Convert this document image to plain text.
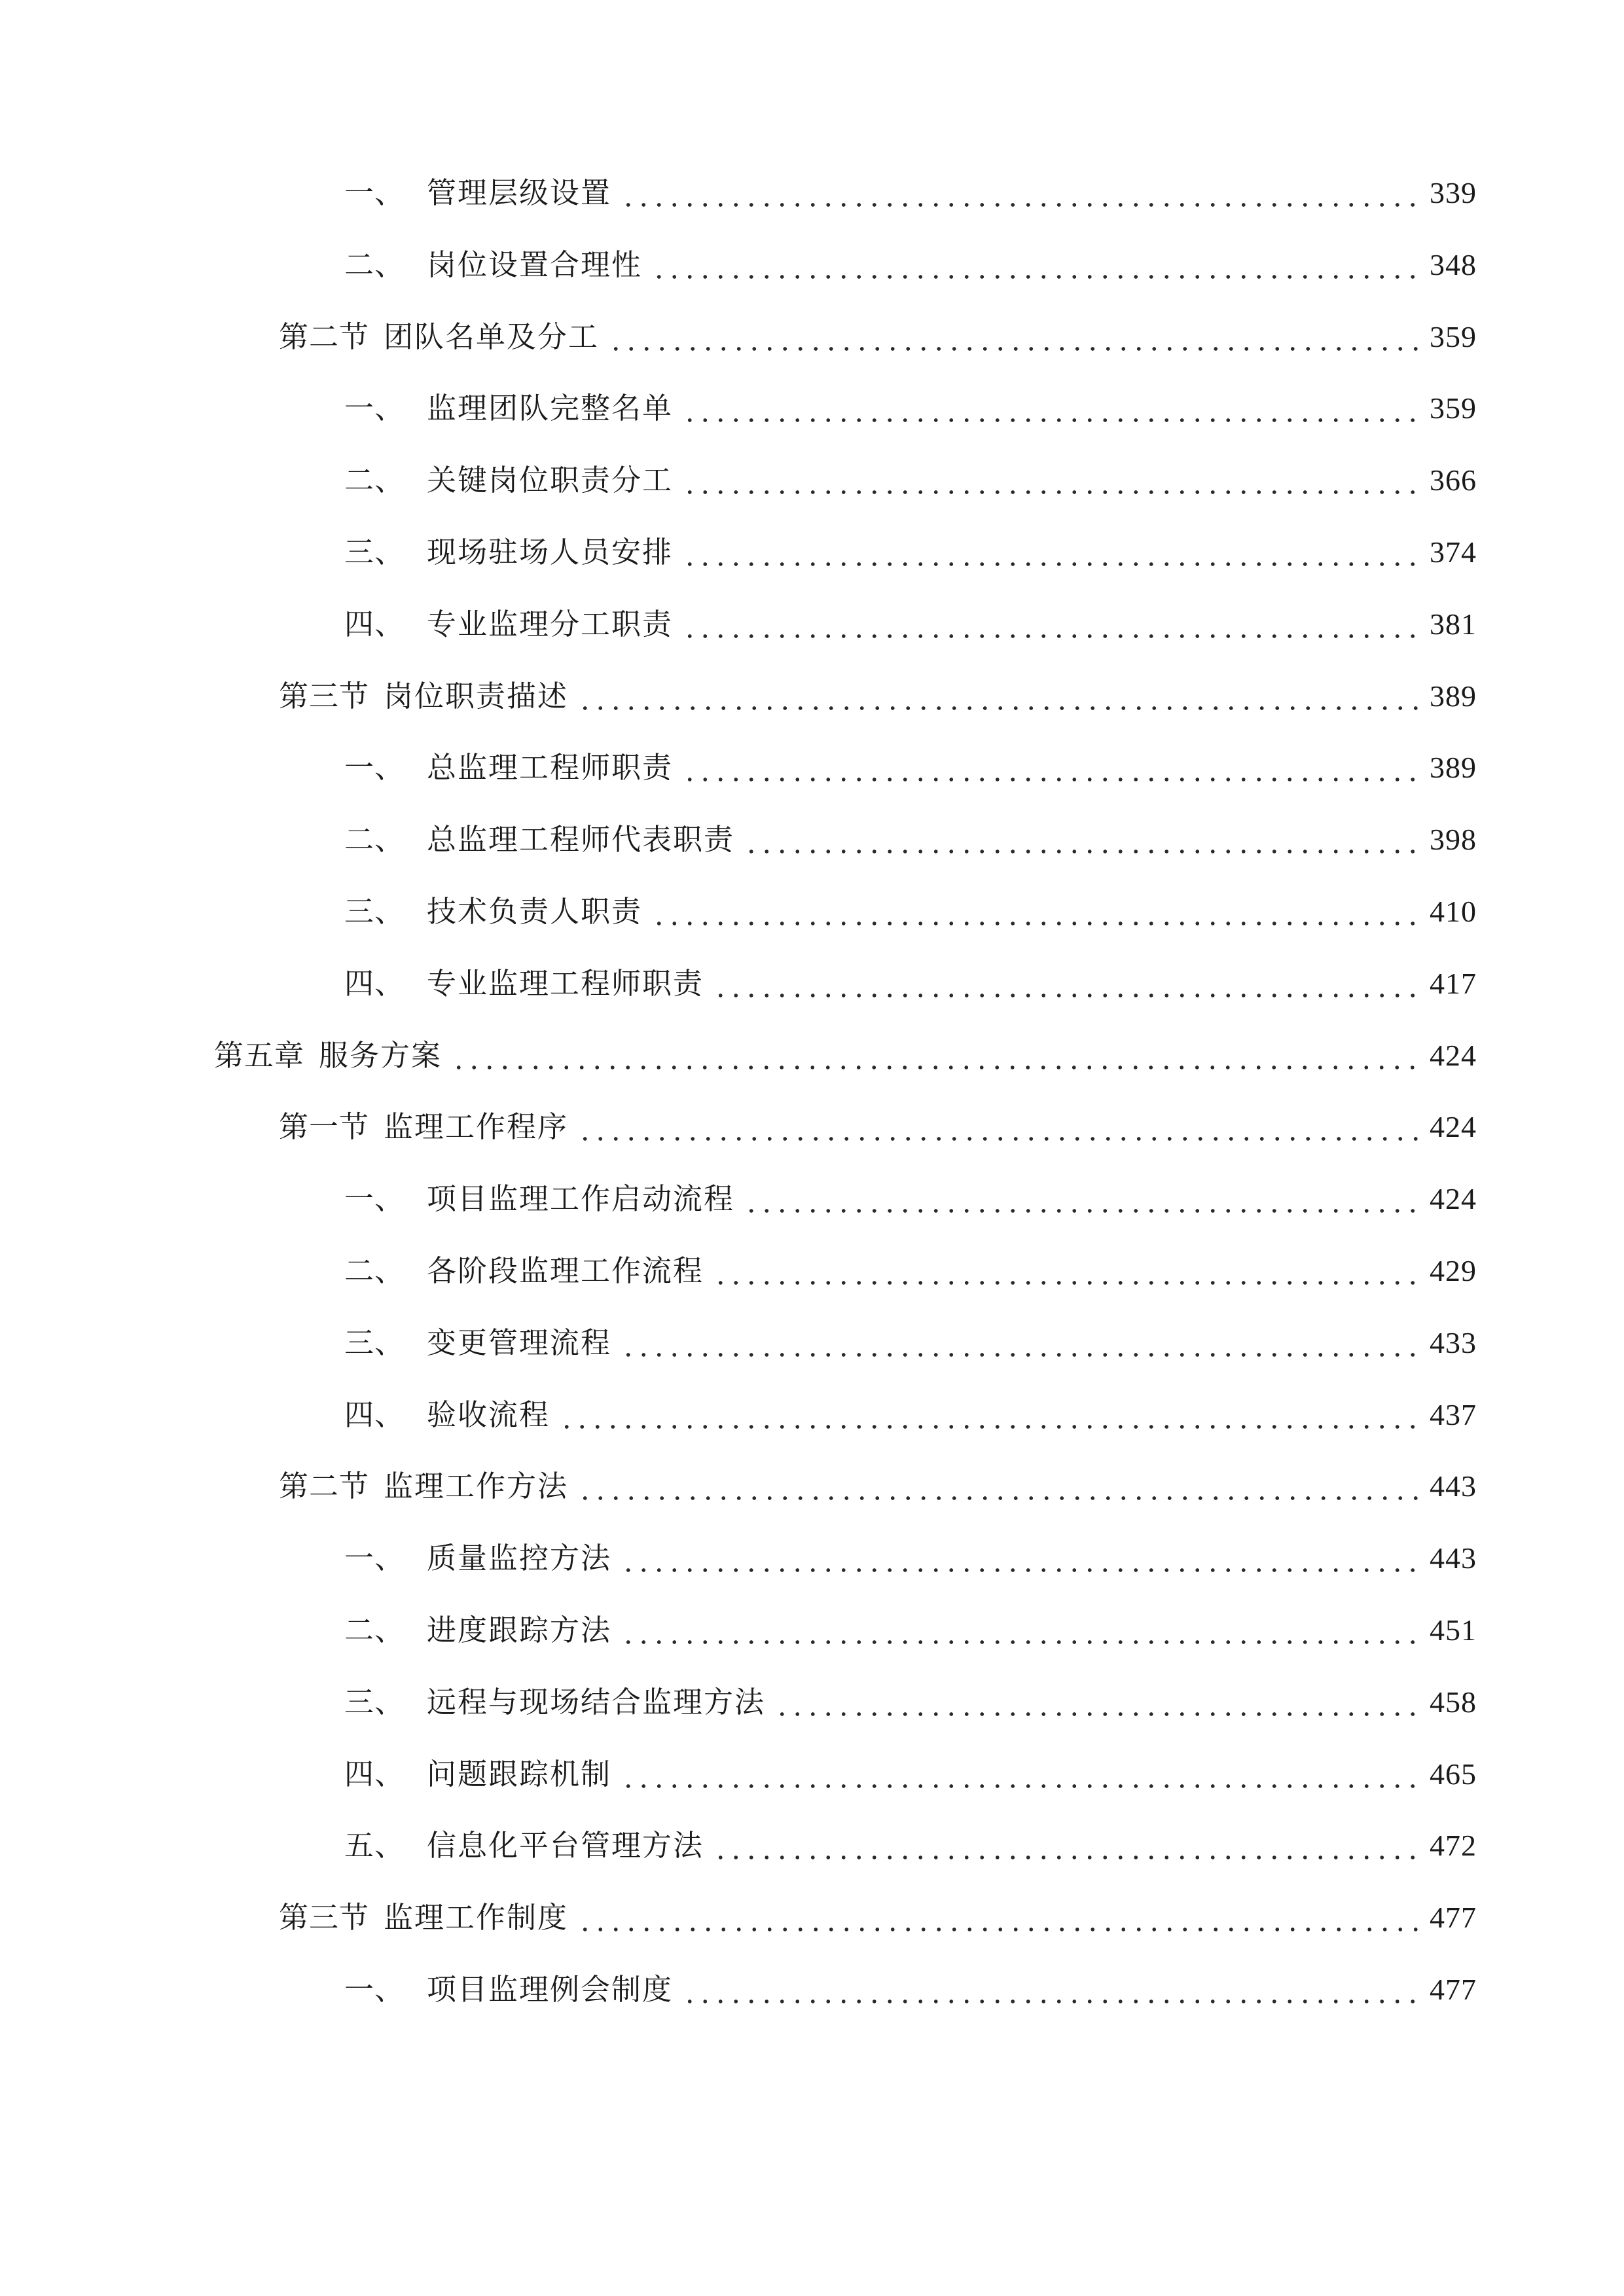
一、 管理层级设置	339
二、 岗位设置合理性	348
第二节 团队名单及分工	359
一、 监理团队完整名单	359
二、 关键岗位职责分工	366
三、 现场驻场人员安排	374
四、 专业监理分工职责	381
第三节 岗位职责描述	389
一、 总监理工程师职责	389
二、 总监理工程师代表职责	398
三、 技术负责人职责	410
四、 专业监理工程师职责	417
第五章 服务方案	424
第一节 监理工作程序	424
一、 项目监理工作启动流程	424
二、 各阶段监理工作流程	429
三、 变更管理流程	433
四、 验收流程	437
第二节 监理工作方法	443
一、 质量监控方法	443
二、 进度跟踪方法	451
三、 远程与现场结合监理方法	458
四、 问题跟踪机制	465
五、 信息化平台管理方法	472
第三节 监理工作制度	477
一、 项目监理例会制度	477
